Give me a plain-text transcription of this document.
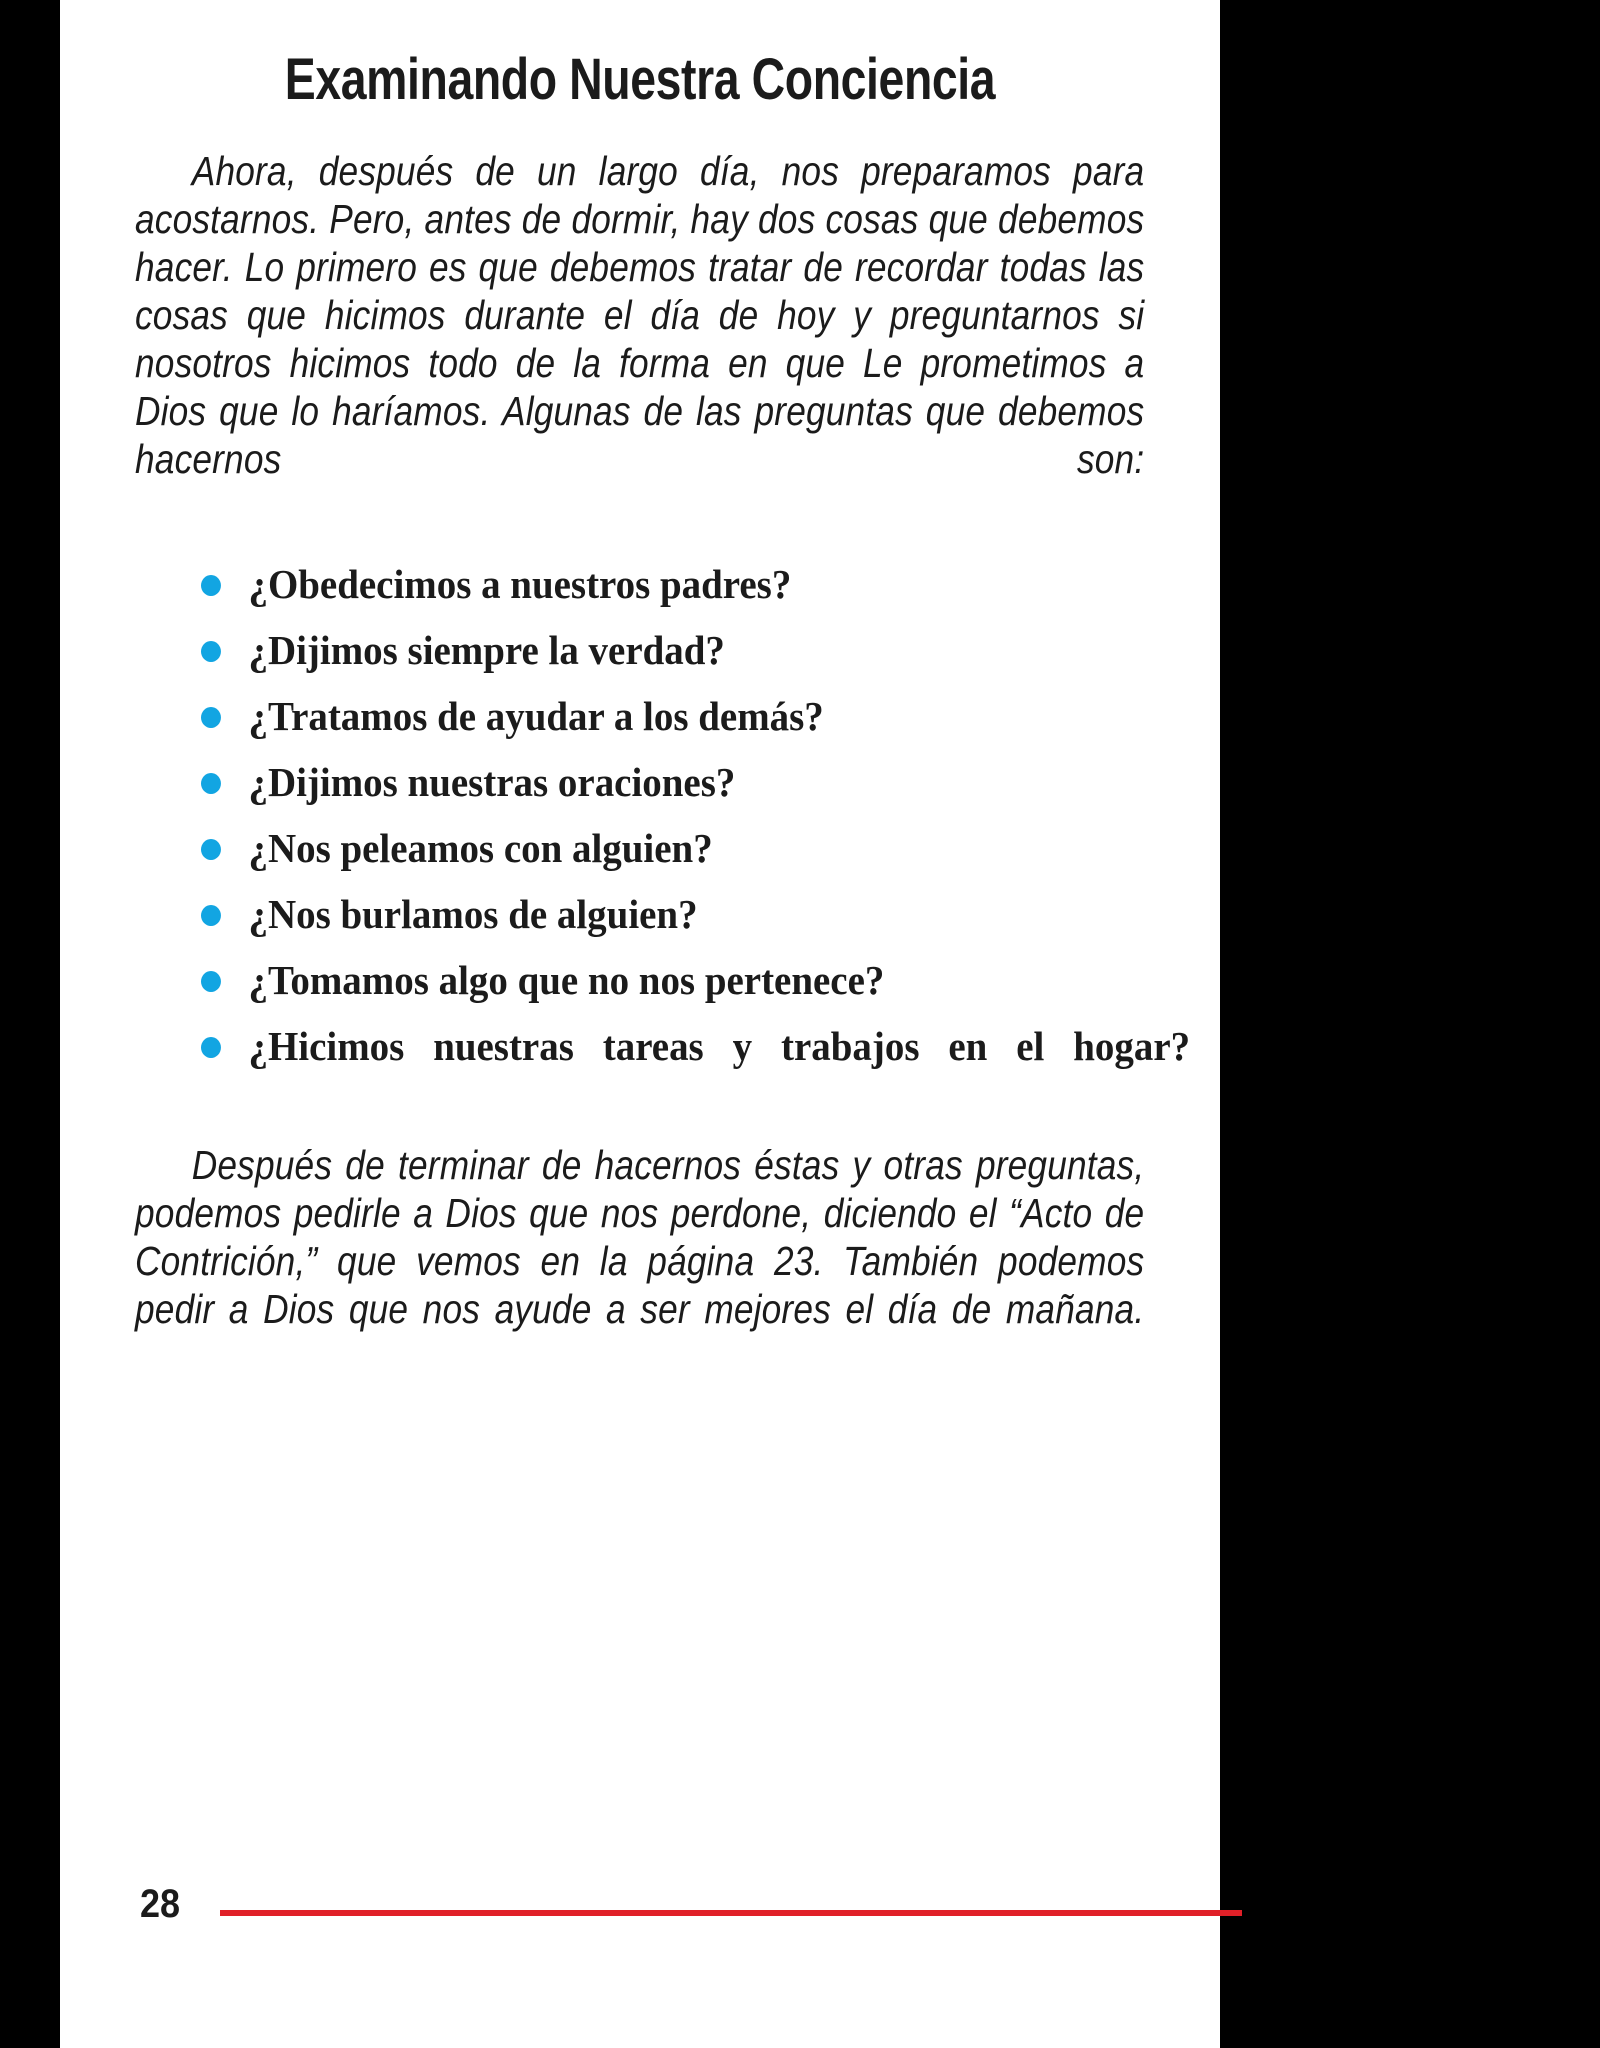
Examinando Nuestra Conciencia

Ahora, después de un largo día, nos preparamos para acostarnos. Pero, antes de dormir, hay dos cosas que debemos hacer. Lo primero es que debemos tratar de recordar todas las cosas que hicimos durante el día de hoy y preguntarnos si nosotros hicimos todo de la forma en que Le prometimos a Dios que lo haríamos. Algunas de las preguntas que debemos hacernos son:

¿Obedecimos a nuestros padres?
¿Dijimos siempre la verdad?
¿Tratamos de ayudar a los demás?
¿Dijimos nuestras oraciones?
¿Nos peleamos con alguien?
¿Nos burlamos de alguien?
¿Tomamos algo que no nos pertenece?
¿Hicimos nuestras tareas y trabajos en el hogar?

Después de terminar de hacernos éstas y otras preguntas, podemos pedirle a Dios que nos perdone, diciendo el “Acto de Contrición,” que vemos en la página 23. También podemos pedir a Dios que nos ayude a ser mejores el día de mañana.

28
